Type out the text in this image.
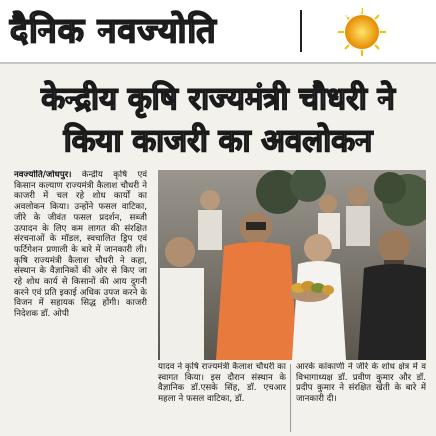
दैनिक नवज्योति	NAVAJYOTI
केन्द्रीय कृषि राज्यमंत्री चौधरी ने
किया काजरी का अवलोकन

नवज्योति/जोधपुर। केन्द्रीय कृषि एवं किसान कल्याण राज्यमंत्री कैलाश चौधरी ने काजरी में चल रहे शोध कार्यों का अवलोकन किया। उन्होंने फसल वाटिका, जीरे के जीवंत फसल प्रदर्शन, सब्जी उत्पादन के लिए कम लागत की संरक्षित संरचनाओं के मॉडल, स्वचालित ड्रिप एवं फर्टिगेशन प्रणाली के बारे में जानकारी ली। कृषि राज्यमंत्री कैलाश चौधरी ने कहा, संस्थान के वैज्ञानिकों की ओर से किए जा रहे शोध कार्य से किसानों की आय दुगनी करने एवं प्रति इकाई अधिक उपज करने के विजन में सहायक सिद्ध होंगी। काजरी निदेशक डॉ. ओपी

यादव ने कृषि राज्यमंत्री कैलाश चौधरी का स्वागत किया। इस दौरान संस्थान के वैज्ञानिक डॉ.एसके सिंह, डॉ. एचआर महला ने फसल वाटिका, डॉ.

आरके कांकाणी ने जीरे के शोध क्षेत्र में व विभागाध्यक्ष डॉ. प्रवीण कुमार और डॉ. प्रदीप कुमार ने संरक्षित खेती के बारे में जानकारी दी।
